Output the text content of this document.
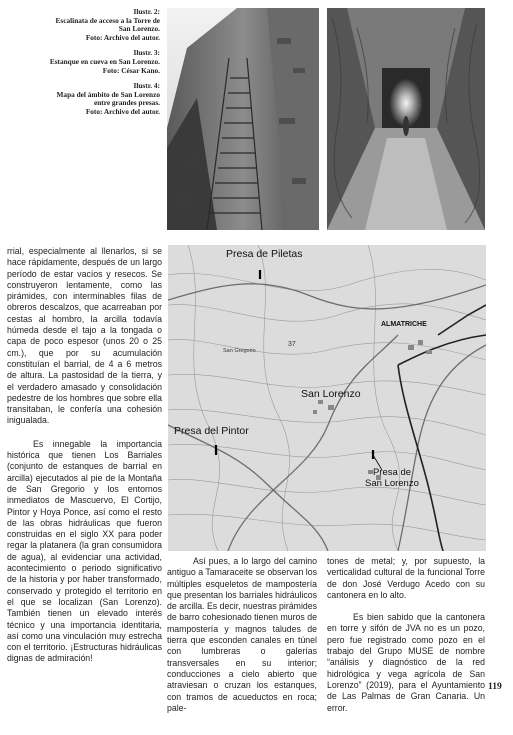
Ilustr. 2:
Escalinata de acceso a la Torre de
San Lorenzo.
Foto: Archivo del autor.
Ilustr. 3:
Estanque en cueva en San Lorenzo.
Foto: César Kano.
Ilustr. 4:
Mapa del ámbito de San Lorenzo
entre grandes presas.
Foto: Archivo del autor.
Presa de Piletas
ALMATRICHE
San Gregorio
37
San Lorenzo
Presa del Pintor
Presa de
San Lorenzo

rrial, especialmente al llenarlos, si se hace rápidamente, después de un largo período de estar vacíos y resecos. Se construyeron lentamente, como las pirámides, con interminables filas de obreros descalzos, que acarreaban por cestas al hombro, la arcilla todavía húmeda desde el tajo a la tongada o capa de poco espesor (unos 20 o 25 cm.), que por su acumulación constituían el barrial, de 4 a 6 metros de altura. La pastosidad de la tierra, y el verdadero amasado y consolidación pedestre de los hombres que sobre ella transitaban, le confería una cohesión inigualada.

Es innegable la importancia histórica que tienen Los Barriales (conjunto de estanques de barrial en arcilla) ejecutados al pie de la Montaña de San Gregorio y los entornos inmediatos de Mascuervo, El Cortijo, Pintor y Hoya Ponce, así como el resto de las obras hidráulicas que fueron construidas en el siglo XX para poder regar la platanera (la gran consumidora de agua), al evidenciar una actividad, acontecimiento o periodo significativo de la historia y por haber transformado, conservado y protegido el territorio en el que se localizan (San Lorenzo). También tienen un elevado interés técnico y una importancia identitaria, así como una vinculación muy estrecha con el territorio. ¡Estructuras hidráulicas dignas de admiración!

Así pues, a lo largo del camino antiguo a Tamaraceite se observan los múltiples esqueletos de mampostería que presentan los barriales hidráulicos de arcilla. Es decir, nuestras pirámides de barro cohesionado tienen muros de mampostería y magnos taludes de tierra que esconden canales en túnel con lumbreras o galerías transversales en su interior; conducciones a cielo abierto que atraviesan o cruzan los estanques, con tramos de acueductos en roca; pale-

tones de metal; y, por supuesto, la verticalidad cultural de la funcional Torre de don José Verdugo Acedo con su cantonera en lo alto.

Es bien sabido que la cantonera en torre y sifón de JVA no es un pozo, pero fue registrado como pozo en el trabajo del Grupo MUSE de nombre “análisis y diagnóstico de la red hidrológica y vega agrícola de San Lorenzo” (2019), para el Ayuntamiento de Las Palmas de Gran Canaria. Un error.

119
